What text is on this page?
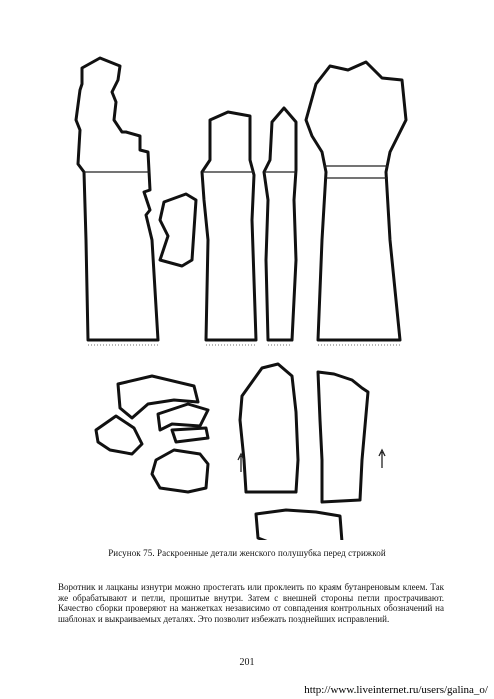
Рисунок 75. Раскроенные детали женского полушубка перед стрижкой
Воротник и лацканы изнутри можно простегать или проклеить по краям бутанреновым клеем. Так же обрабатывают и петли, прошитые внутри. Затем с внешней стороны петли прострачивают. Качество сборки проверяют на манжетках независимо от совпадения контрольных обозначений на шаблонах и выкраиваемых деталях. Это позволит избежать позднейших исправлений.
201
http://www.liveinternet.ru/users/galina_o/
